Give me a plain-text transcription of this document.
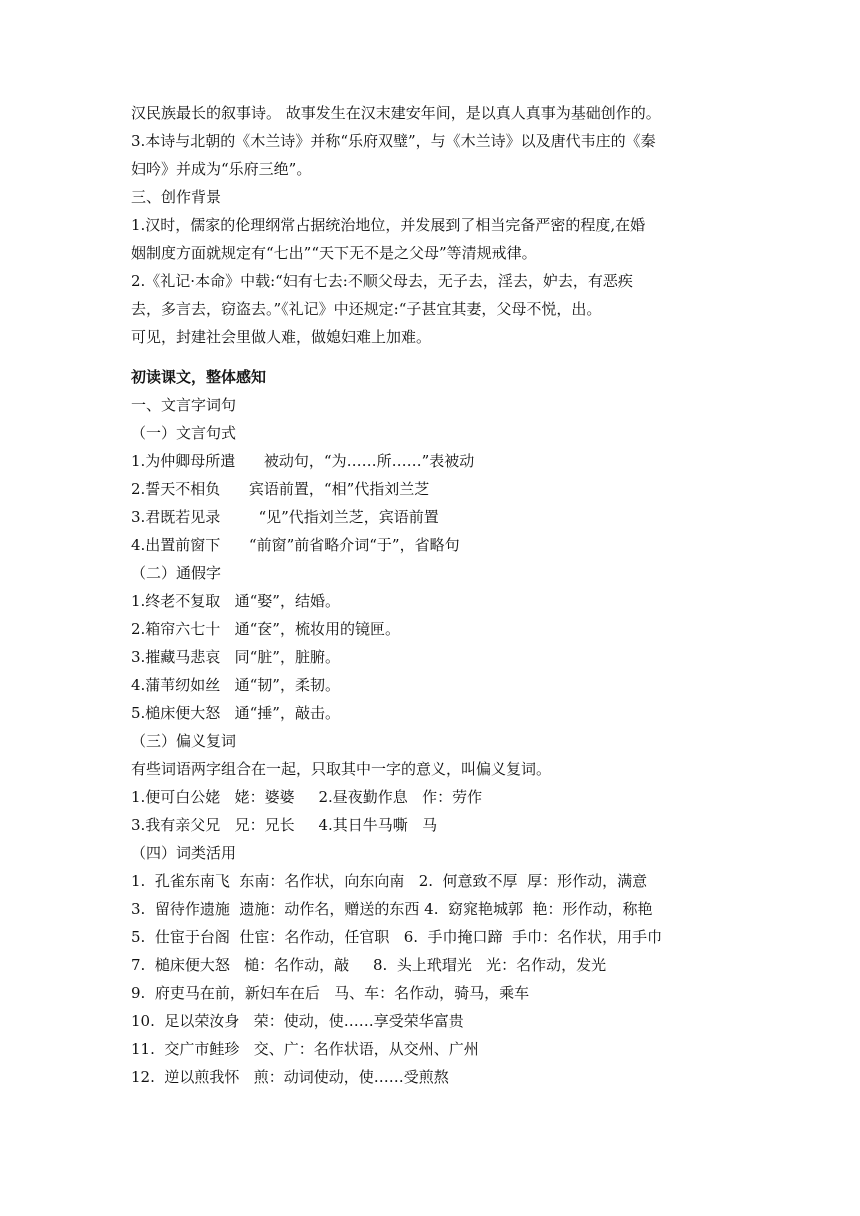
汉民族最长的叙事诗。 故事发生在汉末建安年间，是以真人真事为基础创作的。

3.本诗与北朝的《木兰诗》并称“乐府双璧”，与《木兰诗》以及唐代韦庄的《秦

妇吟》并成为“乐府三绝”。

三、创作背景

1.汉时，儒家的伦理纲常占据统治地位，并发展到了相当完备严密的程度,在婚

姻制度方面就规定有“七出”“天下无不是之父母”等清规戒律。

2.《礼记·本命》中载:“妇有七去:不顺父母去，无子去，淫去，妒去，有恶疾

去，多言去，窃盗去。”《礼记》中还规定:“子甚宜其妻，父母不悦，出。

可见，封建社会里做人难，做媳妇难上加难。

初读课文，整体感知

一、文言字词句

（一）文言句式

1.为仲卿母所遣      被动句，“为……所……”表被动

2.誓天不相负      宾语前置，“相”代指刘兰芝

3.君既若见录        “见”代指刘兰芝，宾语前置

4.出置前窗下      “前窗”前省略介词“于”，省略句

（二）通假字

1.终老不复取   通“娶”，结婚。

2.箱帘六七十   通“奁”，梳妆用的镜匣。

3.摧藏马悲哀   同“脏”，脏腑。

4.蒲苇纫如丝   通“韧”，柔韧。

5.槌床便大怒   通“捶”，敲击。

（三）偏义复词

有些词语两字组合在一起，只取其中一字的意义，叫偏义复词。

1.便可白公姥   姥：婆婆     2.昼夜勤作息   作：劳作

3.我有亲父兄   兄：兄长     4.其日牛马嘶   马

（四）词类活用

1.  孔雀东南飞  东南：名作状，向东向南   2.  何意致不厚  厚：形作动，满意

3.  留待作遗施  遗施：动作名，赠送的东西 4.  窈窕艳城郭  艳：形作动，称艳

5.  仕宦于台阁  仕宦：名作动，任官职   6.  手巾掩口蹄  手巾：名作状，用手巾

7.  槌床便大怒   槌：名作动，敲     8.  头上玳瑁光   光：名作动，发光

9.  府吏马在前，新妇车在后   马、车：名作动，骑马，乘车

10.  足以荣汝身   荣：使动，使……享受荣华富贵

11.  交广市鲑珍   交、广：名作状语，从交州、广州

12.  逆以煎我怀   煎：动词使动，使……受煎熬
